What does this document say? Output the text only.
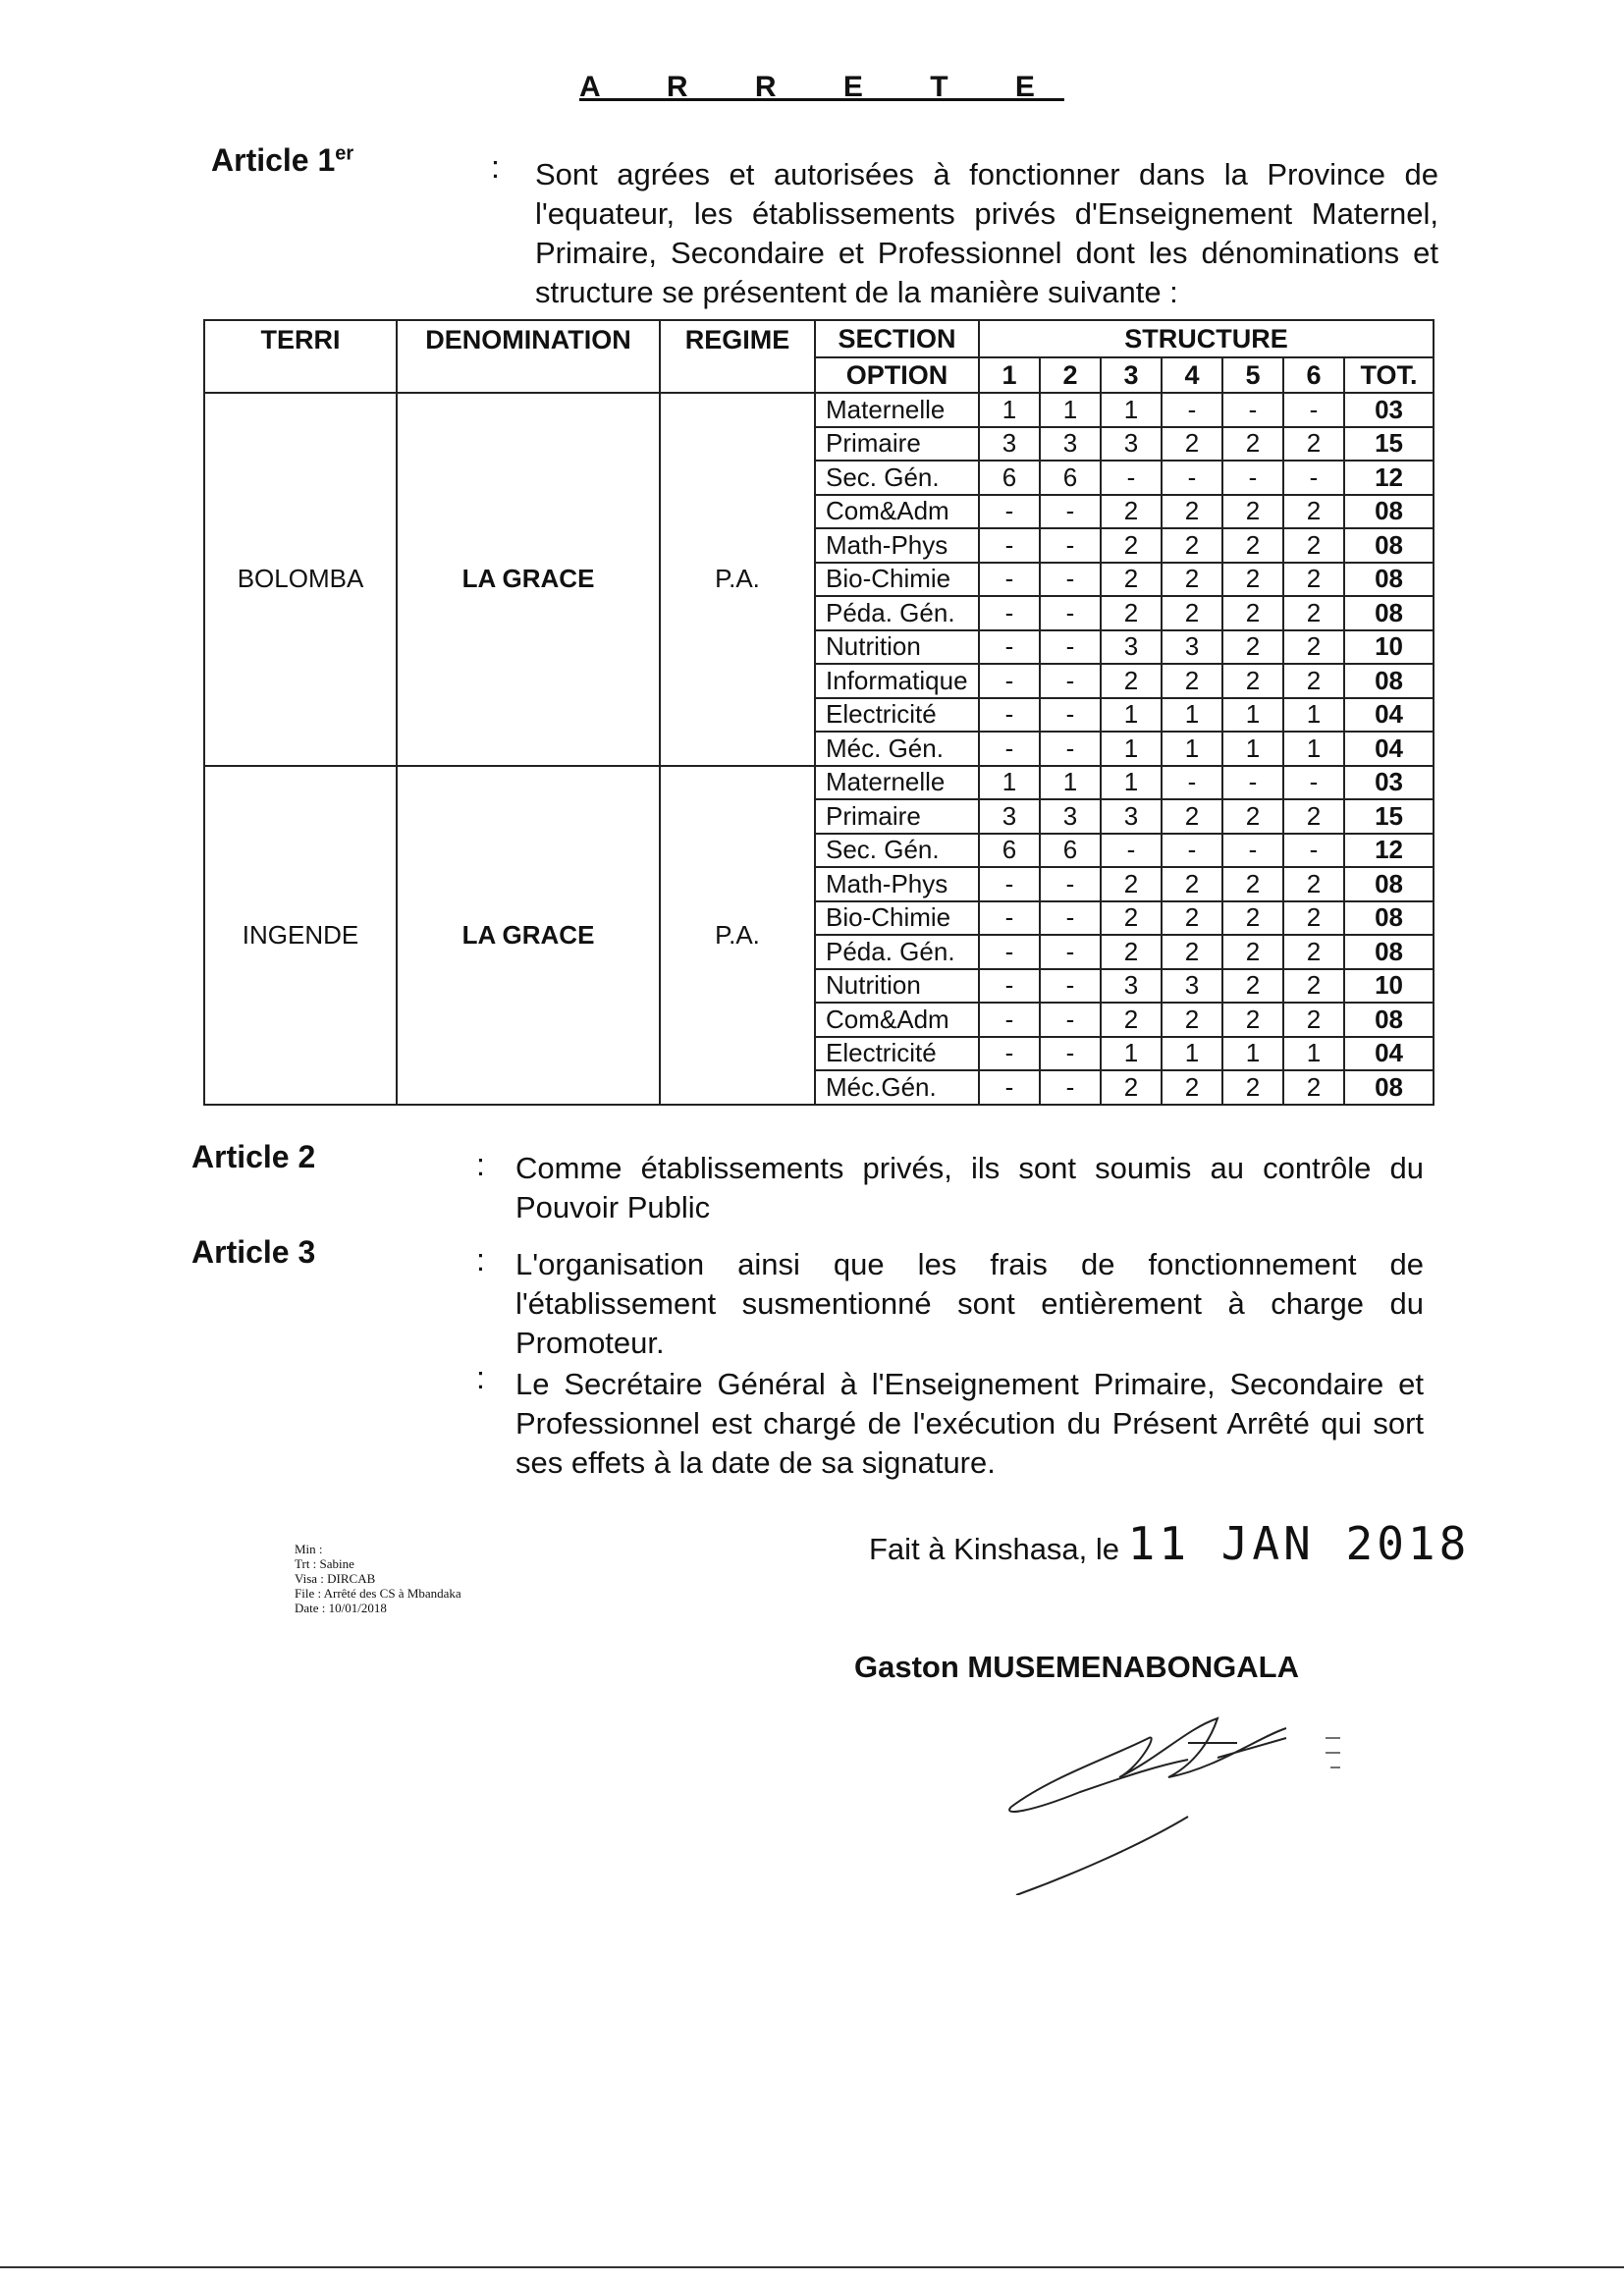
A R R E T E
Article 1er	: Sont agrées et autorisées à fonctionner dans la Province de l'equateur, les établissements privés d'Enseignement Maternel, Primaire, Secondaire et Professionnel dont les dénominations et structure se présentent de la manière suivante :
TERRI	DENOMINATION	REGIME	SECTION	STRUCTURE						
			OPTION	1	2	3	4	5	6	TOT.
BOLOMBA	LA GRACE	P.A.	Maternelle	1	1	1	-	-	-	03
			Primaire	3	3	3	2	2	2	15
			Sec. Gén.	6	6	-	-	-	-	12
			Com&Adm	-	-	2	2	2	2	08
			Math-Phys	-	-	2	2	2	2	08
			Bio-Chimie	-	-	2	2	2	2	08
			Péda. Gén.	-	-	2	2	2	2	08
			Nutrition	-	-	3	3	2	2	10
			Informatique	-	-	2	2	2	2	08
			Electricité	-	-	1	1	1	1	04
			Méc. Gén.	-	-	1	1	1	1	04
INGENDE	LA GRACE	P.A.	Maternelle	1	1	1	-	-	-	03
			Primaire	3	3	3	2	2	2	15
			Sec. Gén.	6	6	-	-	-	-	12
			Math-Phys	-	-	2	2	2	2	08
			Bio-Chimie	-	-	2	2	2	2	08
			Péda. Gén.	-	-	2	2	2	2	08
			Nutrition	-	-	3	3	2	2	10
			Com&Adm	-	-	2	2	2	2	08
			Electricité	-	-	1	1	1	1	04
			Méc.Gén.	-	-	2	2	2	2	08
Article 2	: Comme établissements privés, ils sont soumis au contrôle du Pouvoir Public
Article 3	: L'organisation ainsi que les frais de fonctionnement de l'établissement susmentionné sont entièrement à charge du Promoteur.
: Le Secrétaire Général à l'Enseignement Primaire, Secondaire et Professionnel est chargé de l'exécution du Présent Arrêté qui sort ses effets à la date de sa signature.
Min :
Trt : Sabine
Visa : DIRCAB
File : Arrêté des CS à Mbandaka
Date : 10/01/2018
Fait à Kinshasa, le 11 JAN 2018
Gaston MUSEMENABONGALA
